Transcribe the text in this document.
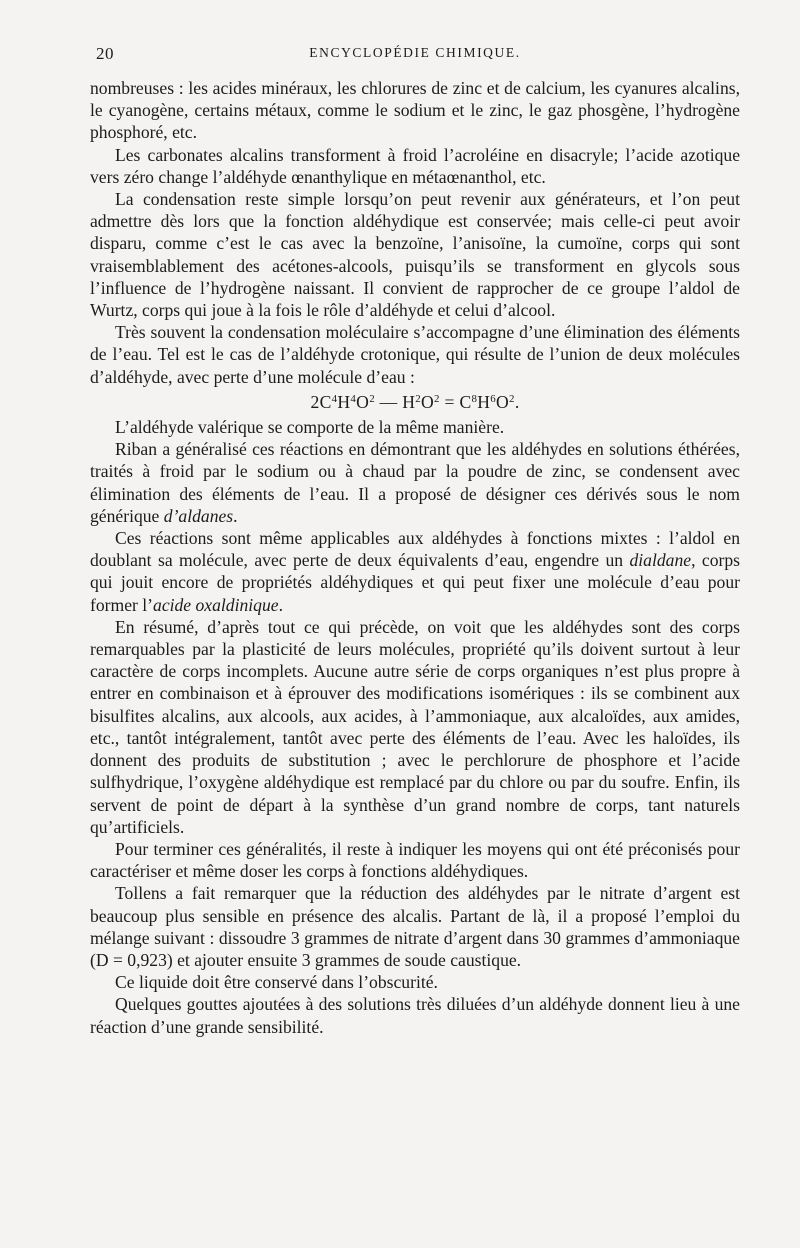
20	ENCYCLOPÉDIE CHIMIQUE.

nombreuses : les acides minéraux, les chlorures de zinc et de calcium, les cyanures alcalins, le cyanogène, certains métaux, comme le sodium et le zinc, le gaz phosgène, l’hydrogène phosphoré, etc.

Les carbonates alcalins transforment à froid l’acroléine en disacryle; l’acide azotique vers zéro change l’aldéhyde œnanthylique en métaœnanthol, etc.

La condensation reste simple lorsqu’on peut revenir aux générateurs, et l’on peut admettre dès lors que la fonction aldéhydique est conservée; mais celle-ci peut avoir disparu, comme c’est le cas avec la benzoïne, l’anisoïne, la cumoïne, corps qui sont vraisemblablement des acétones-alcools, puisqu’ils se transforment en glycols sous l’influence de l’hydrogène naissant. Il convient de rapprocher de ce groupe l’aldol de Wurtz, corps qui joue à la fois le rôle d’aldéhyde et celui d’alcool.

Très souvent la condensation moléculaire s’accompagne d’une élimination des éléments de l’eau. Tel est le cas de l’aldéhyde crotonique, qui résulte de l’union de deux molécules d’aldéhyde, avec perte d’une molécule d’eau :

$2C^4H^4O^2$ — $H^2O^2 = C^8H^6O^2$.

L’aldéhyde valérique se comporte de la même manière.

Riban a généralisé ces réactions en démontrant que les aldéhydes en solutions éthérées, traités à froid par le sodium ou à chaud par la poudre de zinc, se condensent avec élimination des éléments de l’eau. Il a proposé de désigner ces dérivés sous le nom générique d’aldanes.

Ces réactions sont même applicables aux aldéhydes à fonctions mixtes : l’aldol en doublant sa molécule, avec perte de deux équivalents d’eau, engendre un dialdane, corps qui jouit encore de propriétés aldéhydiques et qui peut fixer une molécule d’eau pour former l’acide oxaldinique.

En résumé, d’après tout ce qui précède, on voit que les aldéhydes sont des corps remarquables par la plasticité de leurs molécules, propriété qu’ils doivent surtout à leur caractère de corps incomplets. Aucune autre série de corps organiques n’est plus propre à entrer en combinaison et à éprouver des modifications isomériques : ils se combinent aux bisulfites alcalins, aux alcools, aux acides, à l’ammoniaque, aux alcaloïdes, aux amides, etc., tantôt intégralement, tantôt avec perte des éléments de l’eau. Avec les haloïdes, ils donnent des produits de substitution ; avec le perchlorure de phosphore et l’acide sulfhydrique, l’oxygène aldéhydique est remplacé par du chlore ou par du soufre. Enfin, ils servent de point de départ à la synthèse d’un grand nombre de corps, tant naturels qu’artificiels.

Pour terminer ces généralités, il reste à indiquer les moyens qui ont été préconisés pour caractériser et même doser les corps à fonctions aldéhydiques.

Tollens a fait remarquer que la réduction des aldéhydes par le nitrate d’argent est beaucoup plus sensible en présence des alcalis. Partant de là, il a proposé l’emploi du mélange suivant : dissoudre 3 grammes de nitrate d’argent dans 30 grammes d’ammoniaque (D = 0,923) et ajouter ensuite 3 grammes de soude caustique.

Ce liquide doit être conservé dans l’obscurité.

Quelques gouttes ajoutées à des solutions très diluées d’un aldéhyde donnent lieu à une réaction d’une grande sensibilité.
